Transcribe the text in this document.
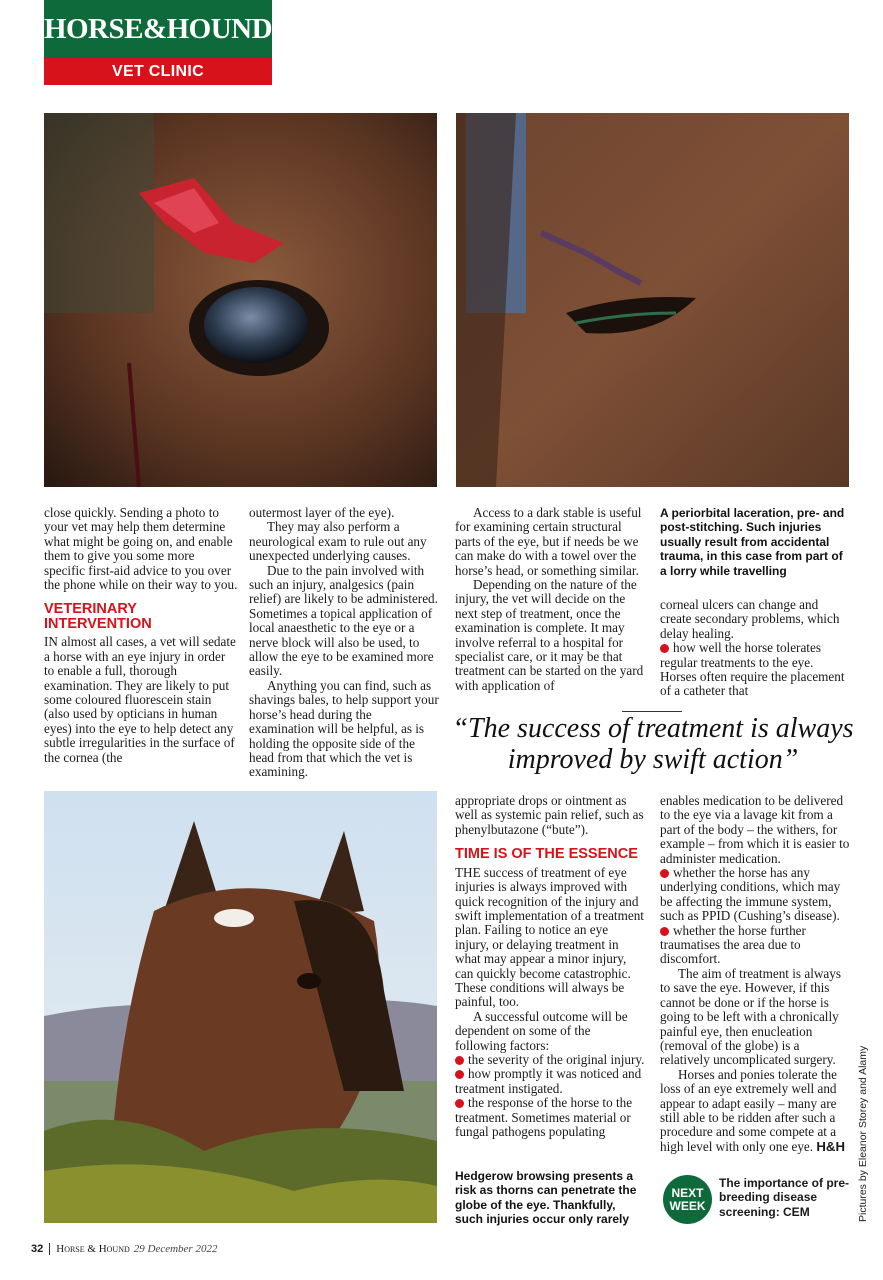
HORSE&HOUND
VET CLINIC

close quickly. Sending a photo to your vet may help them determine what might be going on, and enable them to give you some more specific first-aid advice to you over the phone while on their way to you.

VETERINARY INTERVENTION

IN almost all cases, a vet will sedate a horse with an eye injury in order to enable a full, thorough examination. They are likely to put some coloured fluorescein stain (also used by opticians in human eyes) into the eye to help detect any subtle irregularities in the surface of the cornea (the

outermost layer of the eye).

They may also perform a neurological exam to rule out any unexpected underlying causes.

Due to the pain involved with such an injury, analgesics (pain relief) are likely to be administered. Sometimes a topical application of local anaesthetic to the eye or a nerve block will also be used, to allow the eye to be examined more easily.

Anything you can find, such as shavings bales, to help support your horse’s head during the examination will be helpful, as is holding the opposite side of the head from that which the vet is examining.

Access to a dark stable is useful for examining certain structural parts of the eye, but if needs be we can make do with a towel over the horse’s head, or something similar.

Depending on the nature of the injury, the vet will decide on the next step of treatment, once the examination is complete. It may involve referral to a hospital for specialist care, or it may be that treatment can be started on the yard with application of

A periorbital laceration, pre- and post-stitching. Such injuries usually result from accidental trauma, in this case from part of a lorry while travelling

corneal ulcers can change and create secondary problems, which delay healing.

how well the horse tolerates regular treatments to the eye. Horses often require the placement of a catheter that

“The success of treatment is always improved by swift action”

appropriate drops or ointment as well as systemic pain relief, such as phenylbutazone (“bute”).

TIME IS OF THE ESSENCE

THE success of treatment of eye injuries is always improved with quick recognition of the injury and swift implementation of a treatment plan. Failing to notice an eye injury, or delaying treatment in what may appear a minor injury, can quickly become catastrophic. These conditions will always be painful, too.

A successful outcome will be dependent on some of the following factors:

the severity of the original injury.

how promptly it was noticed and treatment instigated.

the response of the horse to the treatment. Sometimes material or fungal pathogens populating

Hedgerow browsing presents a risk as thorns can penetrate the globe of the eye. Thankfully, such injuries occur only rarely

enables medication to be delivered to the eye via a lavage kit from a part of the body – the withers, for example – from which it is easier to administer medication.

whether the horse has any underlying conditions, which may be affecting the immune system, such as PPID (Cushing’s disease).

whether the horse further traumatises the area due to discomfort.

The aim of treatment is always to save the eye. However, if this cannot be done or if the horse is going to be left with a chronically painful eye, then enucleation (removal of the globe) is a relatively uncomplicated surgery.

Horses and ponies tolerate the loss of an eye extremely well and appear to adapt easily – many are still able to be ridden after such a procedure and some compete at a high level with only one eye. H&H

NEXT
WEEK
The importance of pre-breeding disease screening: CEM	Pictures by Eleanor Storey and Alamy
32	Horse & Hound 29 December 2022
